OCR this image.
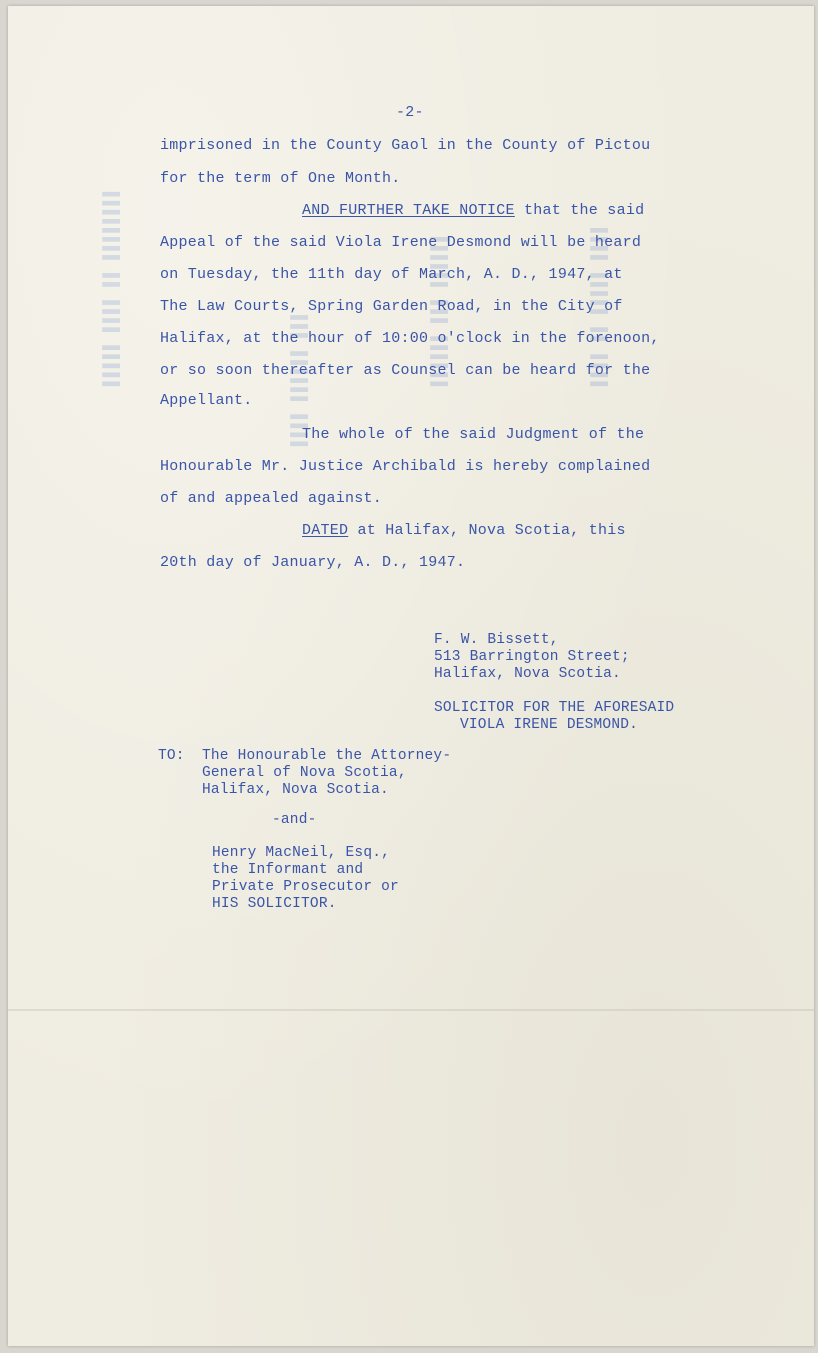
▌▌▌▌▌ ▌▌▌▌ ▌▌ ▌▌▌▌▌▌▌▌	▌▌▌▌ ▌▌▌▌▌▌ ▌▌▌	▌▌▌▌▌▌ ▌▌▌ ▌▌▌▌▌▌	▌▌▌▌ ▌▌ ▌▌▌▌▌ ▌▌▌▌
-2-
imprisoned in the County Gaol in the County of Pictou
for the term of One Month.
AND FURTHER TAKE NOTICE that the said
Appeal of the said Viola Irene Desmond will be heard
on Tuesday, the 11th day of March, A. D., 1947, at
The Law Courts, Spring Garden Road, in the City of
Halifax, at the hour of 10:00 o'clock in the forenoon,
or so soon thereafter as Counsel can be heard for the
Appellant.
The whole of the said Judgment of the
Honourable Mr. Justice Archibald is hereby complained
of and appealed against.
DATED at Halifax, Nova Scotia, this
20th day of January, A. D., 1947.
F. W. Bissett,
513 Barrington Street;
Halifax, Nova Scotia.
SOLICITOR FOR THE AFORESAID
VIOLA IRENE DESMOND.
TO: The Honourable the Attorney-
General of Nova Scotia,
Halifax, Nova Scotia.
-and-
Henry MacNeil, Esq.,
the Informant and
Private Prosecutor or
HIS SOLICITOR.
